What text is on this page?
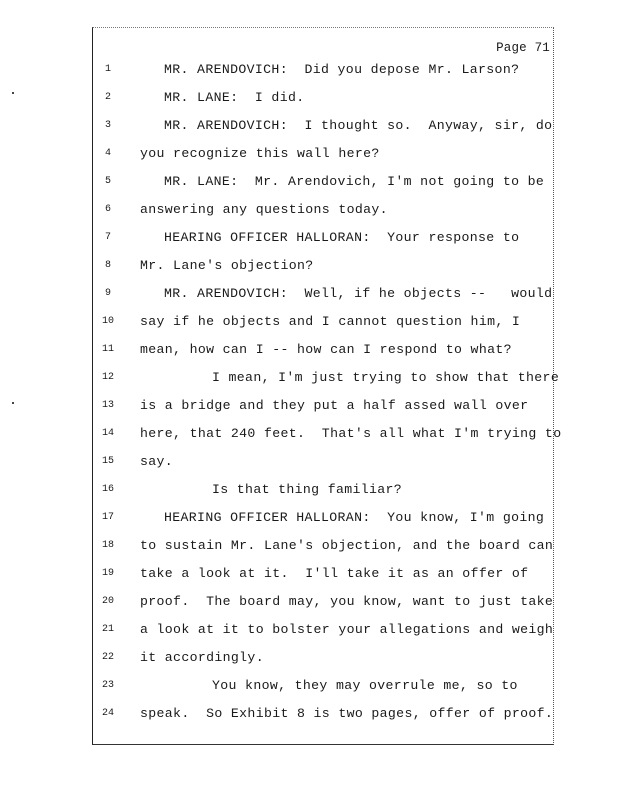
Page 71
1	MR. ARENDOVICH:  Did you depose Mr. Larson?
2	MR. LANE:  I did.
3	MR. ARENDOVICH:  I thought so.  Anyway, sir, do
4	you recognize this wall here?
5	MR. LANE:  Mr. Arendovich, I'm not going to be
6	answering any questions today.
7	HEARING OFFICER HALLORAN:  Your response to
8	Mr. Lane's objection?
9	MR. ARENDOVICH:  Well, if he objects --   would
10	say if he objects and I cannot question him, I
11	mean, how can I -- how can I respond to what?
12	I mean, I'm just trying to show that there
13	is a bridge and they put a half assed wall over
14	here, that 240 feet.  That's all what I'm trying to
15	say.
16	Is that thing familiar?
17	HEARING OFFICER HALLORAN:  You know, I'm going
18	to sustain Mr. Lane's objection, and the board can
19	take a look at it.  I'll take it as an offer of
20	proof.  The board may, you know, want to just take
21	a look at it to bolster your allegations and weigh
22	it accordingly.
23	You know, they may overrule me, so to
24	speak.  So Exhibit 8 is two pages, offer of proof.
